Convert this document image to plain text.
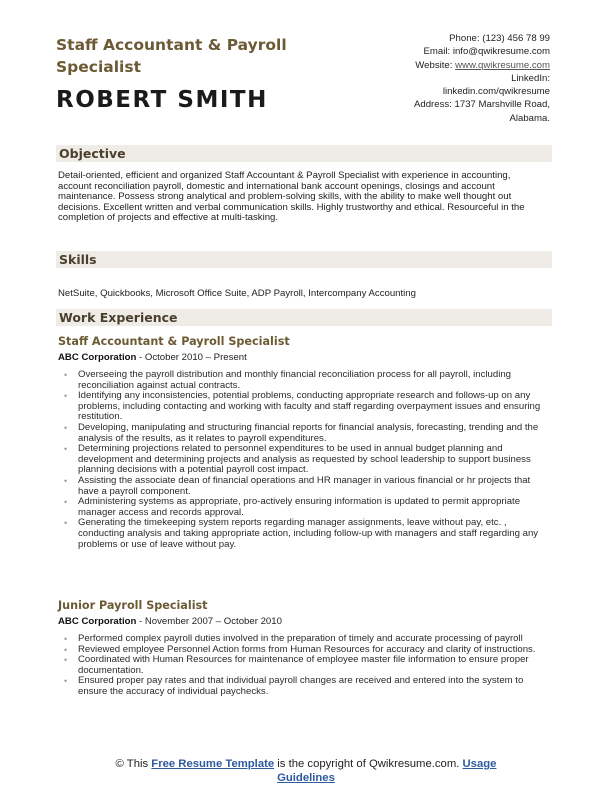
Staff Accountant & Payroll Specialist
ROBERT SMITH
Phone: (123) 456 78 99
Email: info@qwikresume.com
Website: www.qwikresume.com
LinkedIn:
linkedin.com/qwikresume
Address: 1737 Marshville Road,
Alabama.
Objective

Detail-oriented, efficient and organized Staff Accountant & Payroll Specialist with experience in accounting, account reconciliation payroll, domestic and international bank account openings, closings and account maintenance. Possess strong analytical and problem-solving skills, with the ability to make well thought out decisions. Excellent written and verbal communication skills. Highly trustworthy and ethical. Resourceful in the completion of projects and effective at multi-tasking.

Skills

NetSuite, Quickbooks, Microsoft Office Suite, ADP Payroll, Intercompany Accounting

Work Experience

Staff Accountant & Payroll Specialist

ABC Corporation - October 2010 – Present

• Overseeing the payroll distribution and monthly financial reconciliation process for all payroll, including reconciliation against actual contracts.
• Identifying any inconsistencies, potential problems, conducting appropriate research and follows-up on any problems, including contacting and working with faculty and staff regarding overpayment issues and ensuring restitution.
• Developing, manipulating and structuring financial reports for financial analysis, forecasting, trending and the analysis of the results, as it relates to payroll expenditures.
• Determining projections related to personnel expenditures to be used in annual budget planning and development and determining projects and analysis as requested by school leadership to support business planning decisions with a potential payroll cost impact.
• Assisting the associate dean of financial operations and HR manager in various financial or hr projects that have a payroll component.
• Administering systems as appropriate, pro-actively ensuring information is updated to permit appropriate manager access and records approval.
• Generating the timekeeping system reports regarding manager assignments, leave without pay, etc. , conducting analysis and taking appropriate action, including follow-up with managers and staff regarding any problems or use of leave without pay.

Junior Payroll Specialist

ABC Corporation - November 2007 – October 2010

• Performed complex payroll duties involved in the preparation of timely and accurate processing of payroll
• Reviewed employee Personnel Action forms from Human Resources for accuracy and clarity of instructions.
• Coordinated with Human Resources for maintenance of employee master file information to ensure proper documentation.
• Ensured proper pay rates and that individual payroll changes are received and entered into the system to ensure the accuracy of individual paychecks.
© This Free Resume Template is the copyright of Qwikresume.com. Usage
Guidelines
